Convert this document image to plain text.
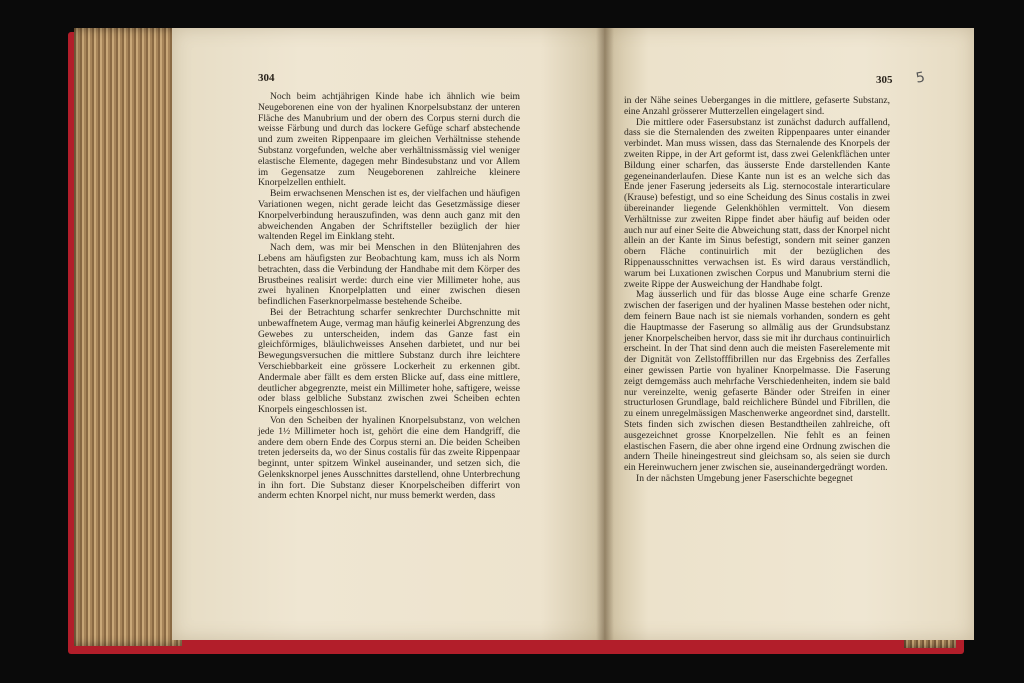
304

Noch beim achtjährigen Kinde habe ich ähnlich wie beim Neugeborenen eine von der hyalinen Knorpelsubstanz der unteren Fläche des Manubrium und der obern des Corpus sterni durch die weisse Färbung und durch das lockere Gefüge scharf abstechende und zum zweiten Rippenpaare im gleichen Verhältnisse stehende Substanz vorgefunden, welche aber verhältnissmässig viel weniger elastische Elemente, dagegen mehr Bindesubstanz und vor Allem im Gegensatze zum Neugeborenen zahlreiche kleinere Knorpelzellen enthielt.

Beim erwachsenen Menschen ist es, der vielfachen und häufigen Variationen wegen, nicht gerade leicht das Gesetzmässige dieser Knorpelverbindung herauszufinden, was denn auch ganz mit den abweichenden Angaben der Schriftsteller bezüglich der hier waltenden Regel im Einklang steht.

Nach dem, was mir bei Menschen in den Blütenjahren des Lebens am häufigsten zur Beobachtung kam, muss ich als Norm betrachten, dass die Verbindung der Handhabe mit dem Körper des Brustbeines realisirt werde: durch eine vier Millimeter hohe, aus zwei hyalinen Knorpelplatten und einer zwischen diesen befindlichen Faserknorpelmasse bestehende Scheibe.

Bei der Betrachtung scharfer senkrechter Durchschnitte mit unbewaffnetem Auge, vermag man häufig keinerlei Abgrenzung des Gewebes zu unterscheiden, indem das Ganze fast ein gleichförmiges, bläulichweisses Ansehen darbietet, und nur bei Bewegungsversuchen die mittlere Substanz durch ihre leichtere Verschiebbarkeit eine grössere Lockerheit zu erkennen gibt. Andermale aber fällt es dem ersten Blicke auf, dass eine mittlere, deutlicher abgegrenzte, meist ein Millimeter hohe, saftigere, weisse oder blass gelbliche Substanz zwischen zwei Scheiben echten Knorpels eingeschlossen ist.

Von den Scheiben der hyalinen Knorpelsubstanz, von welchen jede 1½ Millimeter hoch ist, gehört die eine dem Handgriff, die andere dem obern Ende des Corpus sterni an. Die beiden Scheiben treten jederseits da, wo der Sinus costalis für das zweite Rippenpaar beginnt, unter spitzem Winkel auseinander, und setzen sich, die Gelenksknorpel jenes Ausschnittes darstellend, ohne Unterbrechung in ihn fort. Die Substanz dieser Knorpelscheiben differirt von anderm echten Knorpel nicht, nur muss bemerkt werden, dass

305 5

in der Nähe seines Ueberganges in die mittlere, gefaserte Substanz, eine Anzahl grösserer Mutterzellen eingelagert sind.

Die mittlere oder Fasersubstanz ist zunächst dadurch auffallend, dass sie die Sternalenden des zweiten Rippenpaares unter einander verbindet. Man muss wissen, dass das Sternalende des Knorpels der zweiten Rippe, in der Art geformt ist, dass zwei Gelenkflächen unter Bildung einer scharfen, das äusserste Ende darstellenden Kante gegeneinanderlaufen. Diese Kante nun ist es an welche sich das Ende jener Faserung jederseits als Lig. sternocostale interarticulare (Krause) befestigt, und so eine Scheidung des Sinus costalis in zwei übereinander liegende Gelenkhöhlen vermittelt. Von diesem Verhältnisse zur zweiten Rippe findet aber häufig auf beiden oder auch nur auf einer Seite die Abweichung statt, dass der Knorpel nicht allein an der Kante im Sinus befestigt, sondern mit seiner ganzen obern Fläche continuirlich mit der bezüglichen des Rippenausschnittes verwachsen ist. Es wird daraus verständlich, warum bei Luxationen zwischen Corpus und Manubrium sterni die zweite Rippe der Ausweichung der Handhabe folgt.

Mag äusserlich und für das blosse Auge eine scharfe Grenze zwischen der faserigen und der hyalinen Masse bestehen oder nicht, dem feinern Baue nach ist sie niemals vorhanden, sondern es geht die Hauptmasse der Faserung so allmälig aus der Grundsubstanz jener Knorpelscheiben hervor, dass sie mit ihr durchaus continuirlich erscheint. In der That sind denn auch die meisten Faserelemente mit der Dignität von Zellstofffibrillen nur das Ergebniss des Zerfalles einer gewissen Partie von hyaliner Knorpelmasse. Die Faserung zeigt demgemäss auch mehrfache Verschiedenheiten, indem sie bald nur vereinzelte, wenig gefaserte Bänder oder Streifen in einer structurlosen Grundlage, bald reichlichere Bündel und Fibrillen, die zu einem unregelmässigen Maschenwerke angeordnet sind, darstellt. Stets finden sich zwischen diesen Bestandtheilen zahlreiche, oft ausgezeichnet grosse Knorpelzellen. Nie fehlt es an feinen elastischen Fasern, die aber ohne irgend eine Ordnung zwischen die andern Theile hineingestreut sind gleichsam so, als seien sie durch ein Hereinwuchern jener zwischen sie, auseinandergedrängt worden.

In der nächsten Umgebung jener Faserschichte begegnet
